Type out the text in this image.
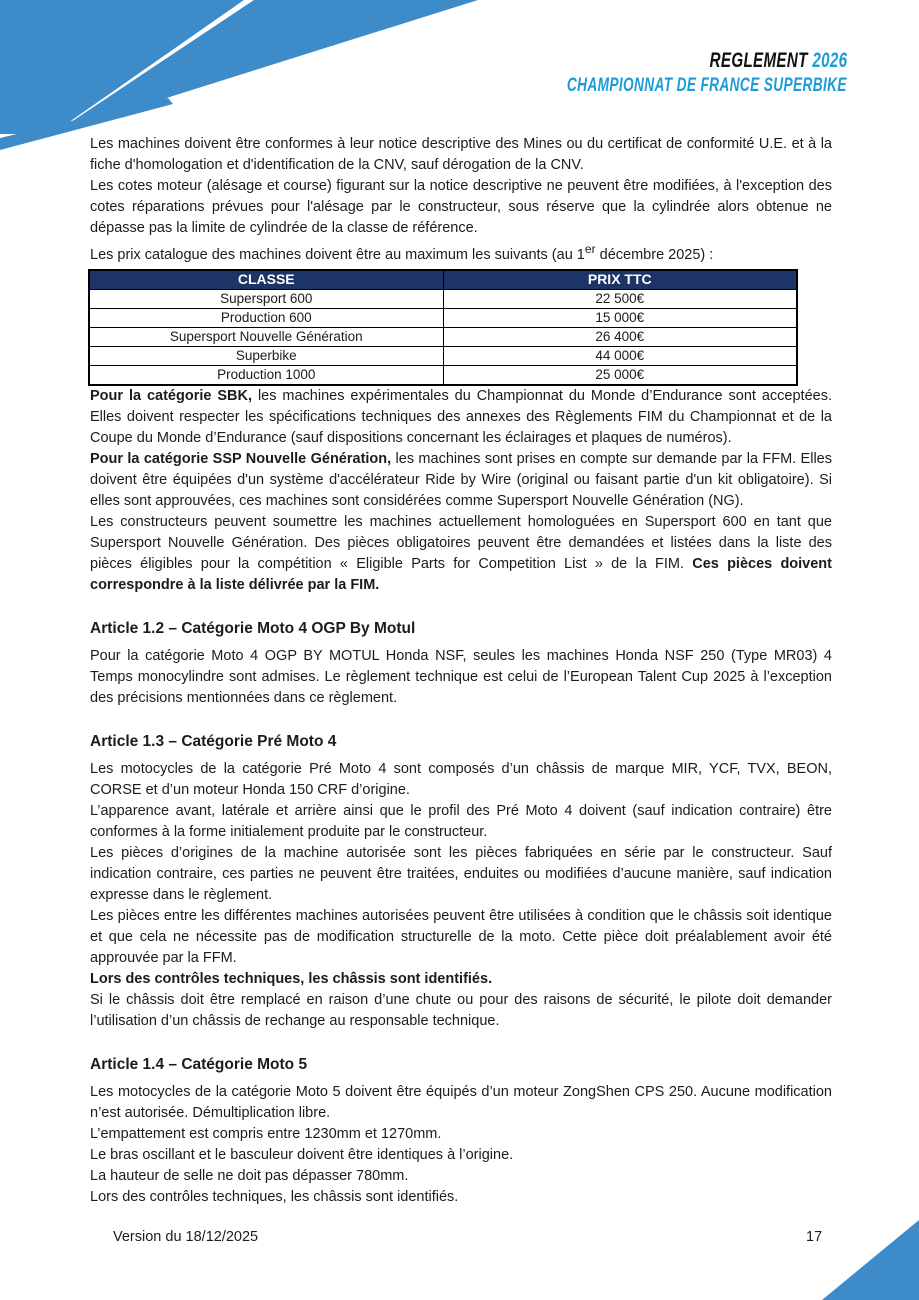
REGLEMENT 2026
CHAMPIONNAT DE FRANCE SUPERBIKE

Les machines doivent être conformes à leur notice descriptive des Mines ou du certificat de conformité U.E. et à la fiche d'homologation et d'identification de la CNV, sauf dérogation de la CNV.

Les cotes moteur (alésage et course) figurant sur la notice descriptive ne peuvent être modifiées, à l'exception des cotes réparations prévues pour l'alésage par le constructeur, sous réserve que la cylindrée alors obtenue ne dépasse pas la limite de cylindrée de la classe de référence.

Les prix catalogue des machines doivent être au maximum les suivants (au 1er décembre 2025) :

CLASSE	PRIX TTC
Supersport 600	22 500€
Production 600	15 000€
Supersport Nouvelle Génération	26 400€
Superbike	44 000€
Production 1000	25 000€

Pour la catégorie SBK, les machines expérimentales du Championnat du Monde d’Endurance sont acceptées. Elles doivent respecter les spécifications techniques des annexes des Règlements FIM du Championnat et de la Coupe du Monde d’Endurance (sauf dispositions concernant les éclairages et plaques de numéros).

Pour la catégorie SSP Nouvelle Génération, les machines sont prises en compte sur demande par la FFM. Elles doivent être équipées d'un système d'accélérateur Ride by Wire (original ou faisant partie d'un kit obligatoire). Si elles sont approuvées, ces machines sont considérées comme Supersport Nouvelle Génération (NG).

Les constructeurs peuvent soumettre les machines actuellement homologuées en Supersport 600 en tant que Supersport Nouvelle Génération. Des pièces obligatoires peuvent être demandées et listées dans la liste des pièces éligibles pour la compétition « Eligible Parts for Competition List » de la FIM. Ces pièces doivent correspondre à la liste délivrée par la FIM.

Article 1.2 – Catégorie Moto 4 OGP By Motul

Pour la catégorie Moto 4 OGP BY MOTUL Honda NSF, seules les machines Honda NSF 250 (Type MR03) 4 Temps monocylindre sont admises. Le règlement technique est celui de l’European Talent Cup 2025 à l’exception des précisions mentionnées dans ce règlement.

Article 1.3 – Catégorie Pré Moto 4

Les motocycles de la catégorie Pré Moto 4 sont composés d’un châssis de marque MIR, YCF, TVX, BEON, CORSE et d’un moteur Honda 150 CRF d’origine.

L’apparence avant, latérale et arrière ainsi que le profil des Pré Moto 4 doivent (sauf indication contraire) être conformes à la forme initialement produite par le constructeur.

Les pièces d’origines de la machine autorisée sont les pièces fabriquées en série par le constructeur. Sauf indication contraire, ces parties ne peuvent être traitées, enduites ou modifiées d’aucune manière, sauf indication expresse dans le règlement.

Les pièces entre les différentes machines autorisées peuvent être utilisées à condition que le châssis soit identique et que cela ne nécessite pas de modification structurelle de la moto. Cette pièce doit préalablement avoir été approuvée par la FFM.

Lors des contrôles techniques, les châssis sont identifiés.

Si le châssis doit être remplacé en raison d’une chute ou pour des raisons de sécurité, le pilote doit demander l’utilisation d’un châssis de rechange au responsable technique.

Article 1.4 – Catégorie Moto 5

Les motocycles de la catégorie Moto 5 doivent être équipés d’un moteur ZongShen CPS 250. Aucune modification n’est autorisée. Démultiplication libre.

L’empattement est compris entre 1230mm et 1270mm.

Le bras oscillant et le basculeur doivent être identiques à l’origine.

La hauteur de selle ne doit pas dépasser 780mm.

Lors des contrôles techniques, les châssis sont identifiés.

Version du 18/12/2025	17
